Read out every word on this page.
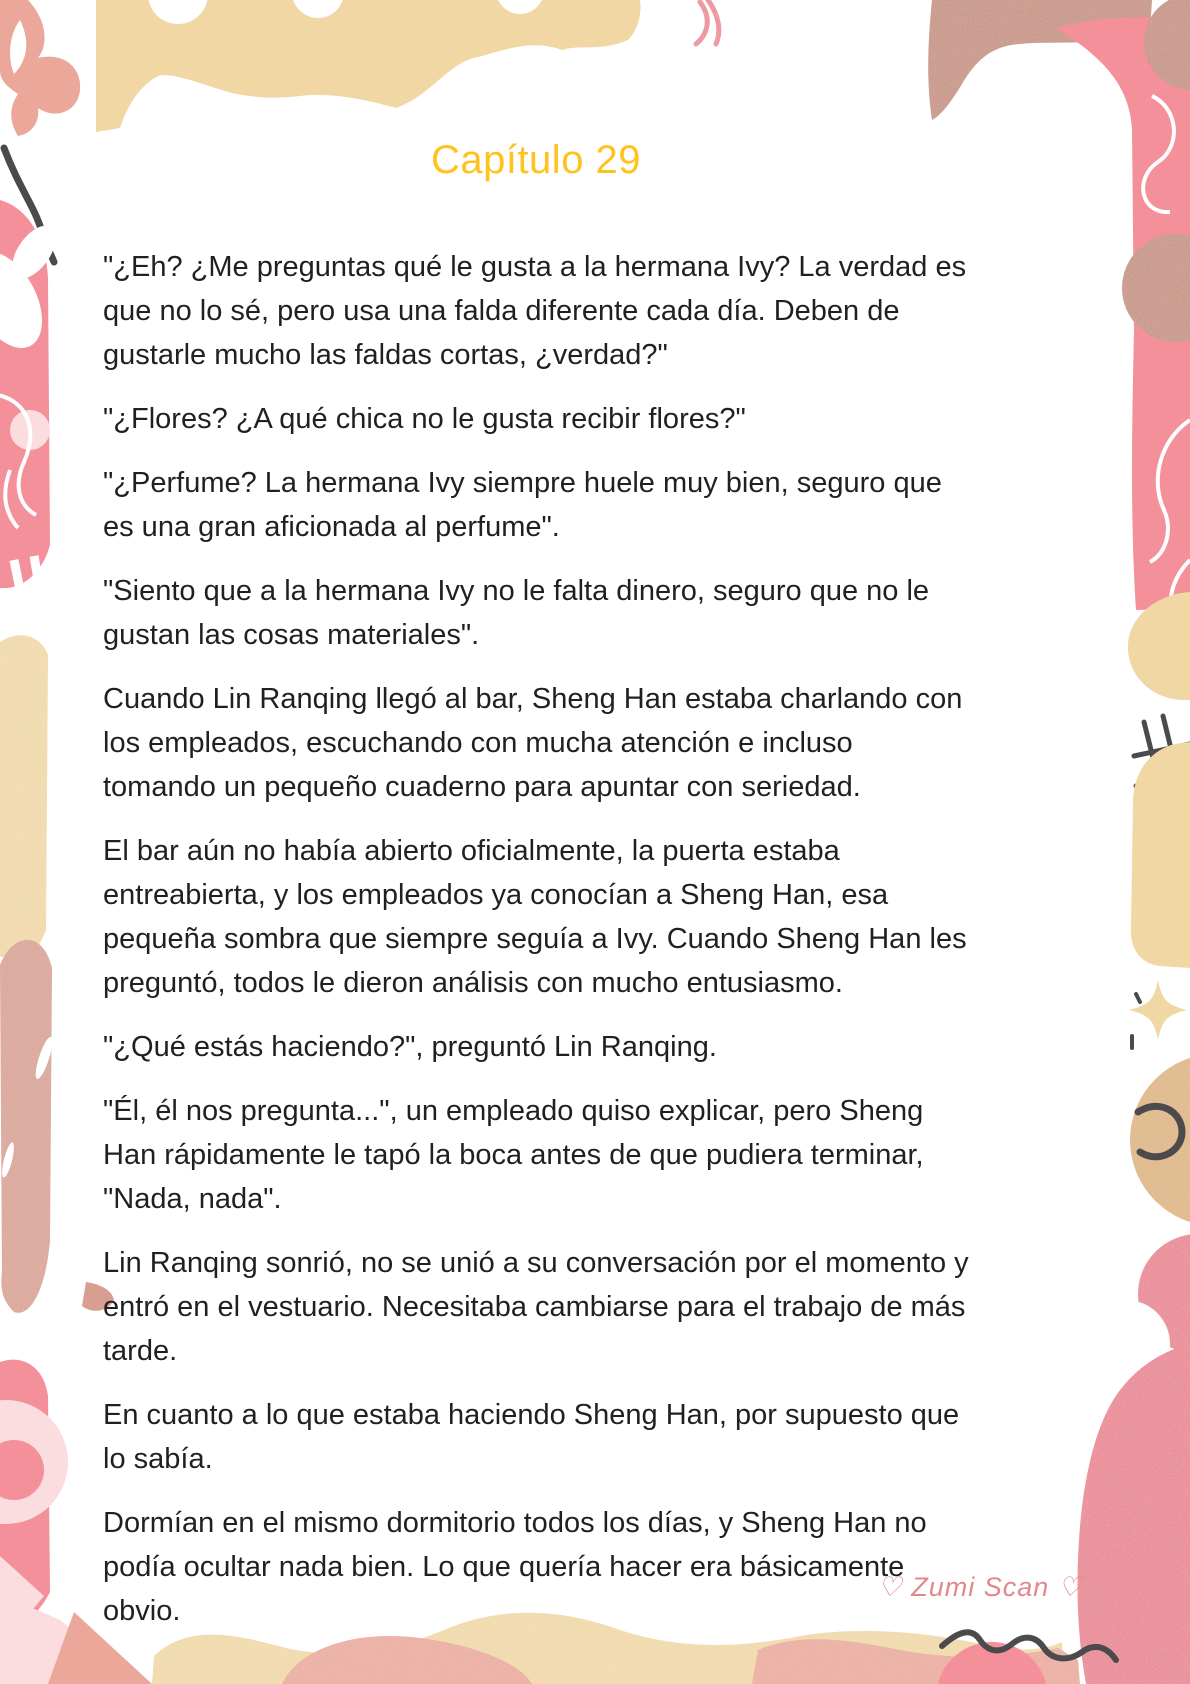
Capítulo 29

"¿Eh? ¿Me preguntas qué le gusta a la hermana Ivy? La verdad es que no lo sé, pero usa una falda diferente cada día. Deben de gustarle mucho las faldas cortas, ¿verdad?"

"¿Flores? ¿A qué chica no le gusta recibir flores?"

"¿Perfume? La hermana Ivy siempre huele muy bien, seguro que es una gran aficionada al perfume".

"Siento que a la hermana Ivy no le falta dinero, seguro que no le gustan las cosas materiales".

Cuando Lin Ranqing llegó al bar, Sheng Han estaba charlando con los empleados, escuchando con mucha atención e incluso tomando un pequeño cuaderno para apuntar con seriedad.

El bar aún no había abierto oficialmente, la puerta estaba entreabierta, y los empleados ya conocían a Sheng Han, esa pequeña sombra que siempre seguía a Ivy. Cuando Sheng Han les preguntó, todos le dieron análisis con mucho entusiasmo.

"¿Qué estás haciendo?", preguntó Lin Ranqing.

"Él, él nos pregunta...", un empleado quiso explicar, pero Sheng Han rápidamente le tapó la boca antes de que pudiera terminar, "Nada, nada".

Lin Ranqing sonrió, no se unió a su conversación por el momento y entró en el vestuario. Necesitaba cambiarse para el trabajo de más tarde.

En cuanto a lo que estaba haciendo Sheng Han, por supuesto que lo sabía.

Dormían en el mismo dormitorio todos los días, y Sheng Han no podía ocultar nada bien. Lo que quería hacer era básicamente obvio.

♡ Zumi Scan ♡
